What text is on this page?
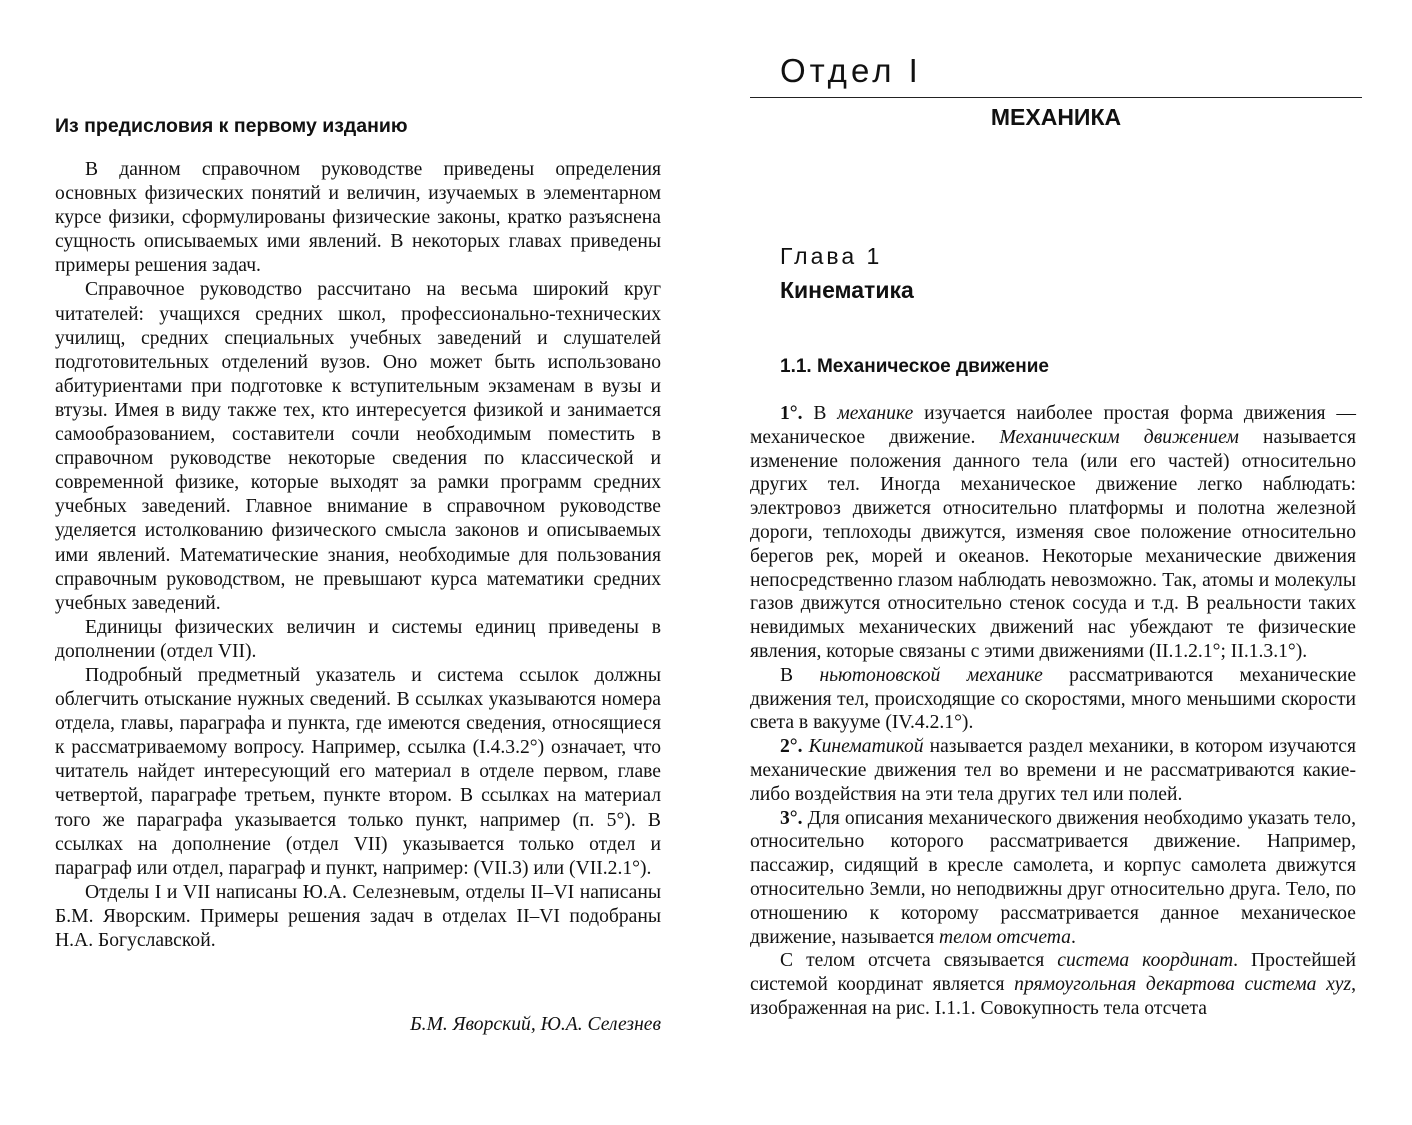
Из предисловия к первому изданию

В данном справочном руководстве приведены определения основных физических понятий и величин, изучаемых в элементарном курсе физики, сформулированы физические законы, кратко разъяснена сущность описываемых ими явлений. В некоторых главах приведены примеры решения задач.

Справочное руководство рассчитано на весьма широкий круг читателей: учащихся средних школ, профессионально-технических училищ, средних специальных учебных заведений и слушателей подготовительных отделений вузов. Оно может быть использовано абитуриентами при подготовке к вступительным экзаменам в вузы и втузы. Имея в виду также тех, кто интересуется физикой и занимается самообразованием, составители сочли необходимым поместить в справочном руководстве некоторые сведения по классической и современной физике, которые выходят за рамки программ средних учебных заведений. Главное внимание в справочном руководстве уделяется истолкованию физического смысла законов и описываемых ими явлений. Математические знания, необходимые для пользования справочным руководством, не превышают курса математики средних учебных заведений.

Единицы физических величин и системы единиц приведены в дополнении (отдел VII).

Подробный предметный указатель и система ссылок должны облегчить отыскание нужных сведений. В ссылках указываются номера отдела, главы, параграфа и пункта, где имеются сведения, относящиеся к рассматриваемому вопросу. Например, ссылка (I.4.3.2°) означает, что читатель найдет интересующий его материал в отделе первом, главе четвертой, параграфе третьем, пункте втором. В ссылках на материал того же параграфа указывается только пункт, например (п. 5°). В ссылках на дополнение (отдел VII) указывается только отдел и параграф или отдел, параграф и пункт, например: (VII.3) или (VII.2.1°).

Отделы I и VII написаны Ю.А. Селезневым, отделы II–VI написаны Б.М. Яворским. Примеры решения задач в отделах II–VI подобраны Н.А. Богуславской.

Б.М. Яворский, Ю.А. Селезнев
Отдел I
МЕХАНИКА
Глава 1
Кинематика
1.1. Механическое движение

1°. В механике изучается наиболее простая форма движения — механическое движение. Механическим движением называется изменение положения данного тела (или его частей) относительно других тел. Иногда механическое движение легко наблюдать: электровоз движется относительно платформы и полотна железной дороги, теплоходы движутся, изменяя свое положение относительно берегов рек, морей и океанов. Некоторые механические движения непосредственно глазом наблюдать невозможно. Так, атомы и молекулы газов движутся относительно стенок сосуда и т.д. В реальности таких невидимых механических движений нас убеждают те физические явления, которые связаны с этими движениями (II.1.2.1°; II.1.3.1°).

В ньютоновской механике рассматриваются механические движения тел, происходящие со скоростями, много меньшими скорости света в вакууме (IV.4.2.1°).

2°. Кинематикой называется раздел механики, в котором изучаются механические движения тел во времени и не рассматриваются какие-либо воздействия на эти тела других тел или полей.

3°. Для описания механического движения необходимо указать тело, относительно которого рассматривается движение. Например, пассажир, сидящий в кресле самолета, и корпус самолета движутся относительно Земли, но неподвижны друг относительно друга. Тело, по отношению к которому рассматривается данное механическое движение, называется телом отсчета.

С телом отсчета связывается система координат. Простейшей системой координат является прямоугольная декартова система xyz, изображенная на рис. I.1.1. Совокупность тела отсчета
